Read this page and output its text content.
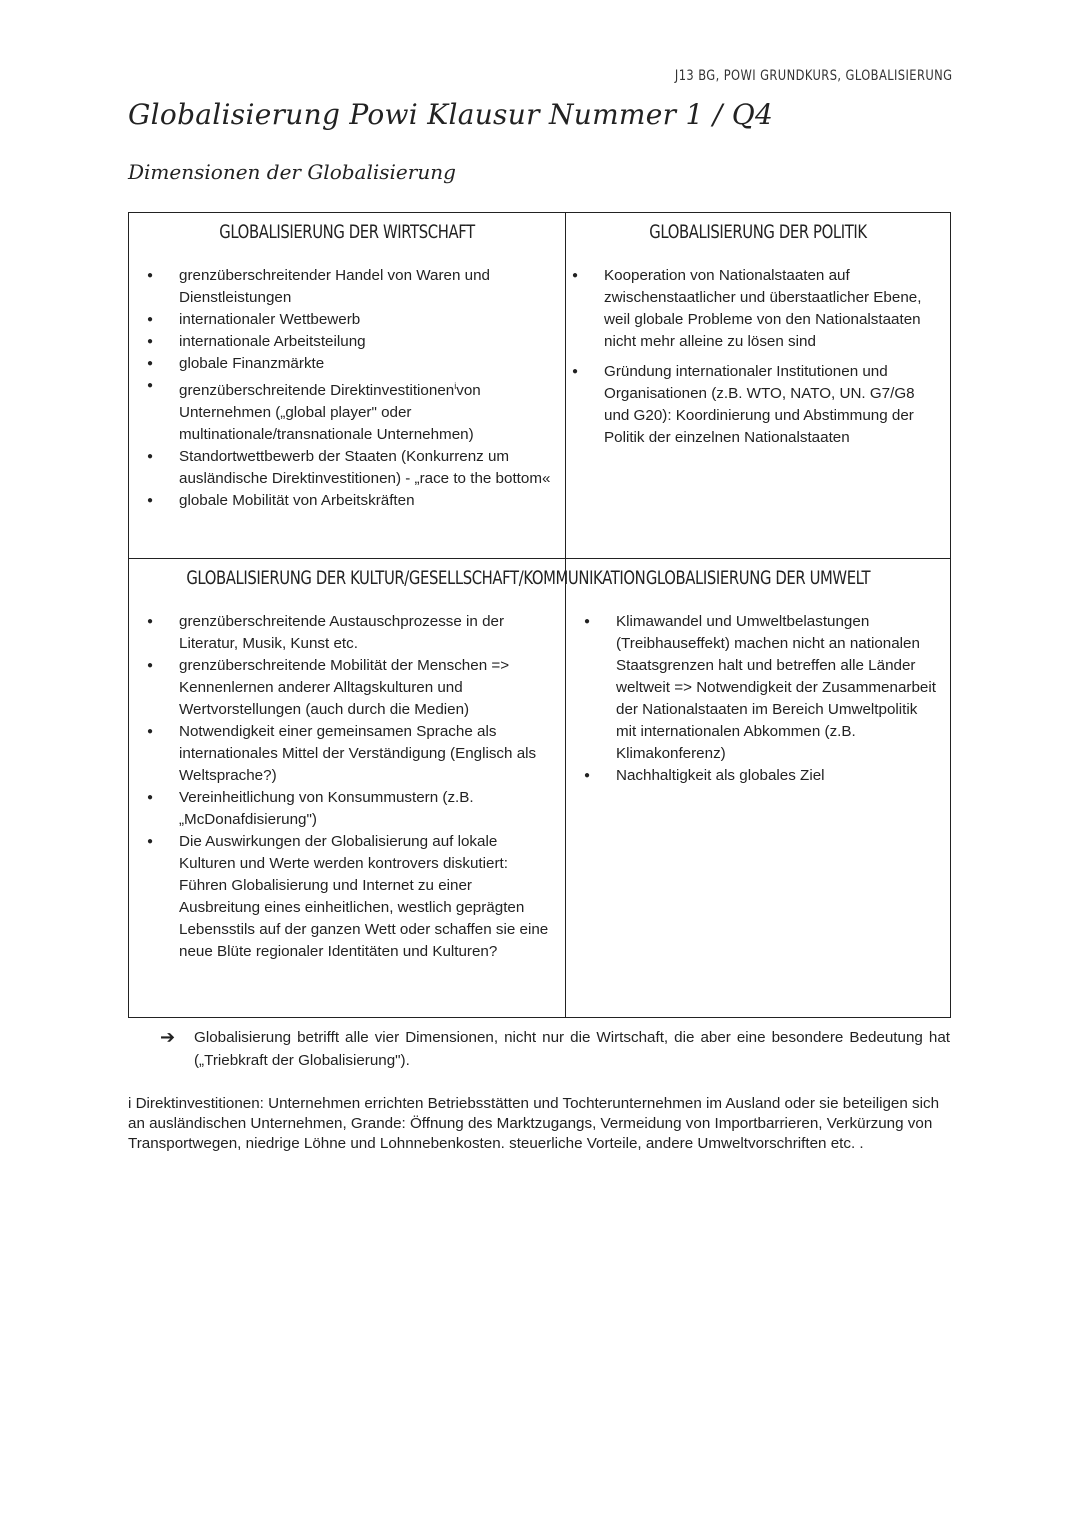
J13 BG, POWI GRUNDKURS, GLOBALISIERUNG
Globalisierung Powi Klausur Nummer 1 / Q4
Dimensionen der Globalisierung
GLOBALISIERUNG DER WIRTSCHAFT
● grenzüberschreitender Handel von Waren und Dienstleistungen
● internationaler Wettbewerb
● internationale Arbeitsteilung
● globale Finanzmärkte
● grenzüberschreitende Direktinvestitionen$^i$von Unternehmen („global player" oder multinationale/transnationale Unternehmen)
● Standortwettbewerb der Staaten (Konkurrenz um ausländische Direktinvestitionen) - „race to the bottom«
● globale Mobilität von Arbeitskräften
GLOBALISIERUNG DER POLITIK
● Kooperation von Nationalstaaten auf zwischenstaatlicher und überstaatlicher Ebene, weil globale Probleme von den Nationalstaaten nicht mehr alleine zu lösen sind
● Gründung internationaler Institutionen und Organisationen (z.B. WTO, NATO, UN. G7/G8 und G20): Koordinierung und Abstimmung der Politik der einzelnen Nationalstaaten
GLOBALISIERUNG DER KULTUR/GESELLSCHAFT/KOMMUNIKATION
● grenzüberschreitende Austauschprozesse in der Literatur, Musik, Kunst etc.
● grenzüberschreitende Mobilität der Menschen => Kennenlernen anderer Alltagskulturen und Wertvorstellungen (auch durch die Medien)
● Notwendigkeit einer gemeinsamen Sprache als internationales Mittel der Verständigung (Englisch als Weltsprache?)
● Vereinheitlichung von Konsummustern (z.B. „McDonafdisierung")
● Die Auswirkungen der Globalisierung auf lokale Kulturen und Werte werden kontrovers diskutiert: Führen Globalisierung und Internet zu einer Ausbreitung eines einheitlichen, westlich geprägten Lebensstils auf der ganzen Wett oder schaffen sie eine neue Blüte regionaler Identitäten und Kulturen?
GLOBALISIERUNG DER UMWELT
● Klimawandel und Umweltbelastungen (Treibhauseffekt) machen nicht an nationalen Staatsgrenzen halt und betreffen alle Länder weltweit => Notwendigkeit der Zusammenarbeit der Nationalstaaten im Bereich Umweltpolitik mit internationalen Abkommen (z.B. Klimakonferenz)
● Nachhaltigkeit als globales Ziel
➔ Globalisierung betrifft alle vier Dimensionen, nicht nur die Wirtschaft, die aber eine besondere Bedeutung hat („Triebkraft der Globalisierung").
i Direktinvestitionen: Unternehmen errichten Betriebsstätten und Tochterunternehmen im Ausland oder sie beteiligen sich an ausländischen Unternehmen, Grande: Öffnung des Marktzugangs, Vermeidung von Importbarrieren, Verkürzung von Transportwegen, niedrige Löhne und Lohnnebenkosten. steuerliche Vorteile, andere Umweltvorschriften etc. .
